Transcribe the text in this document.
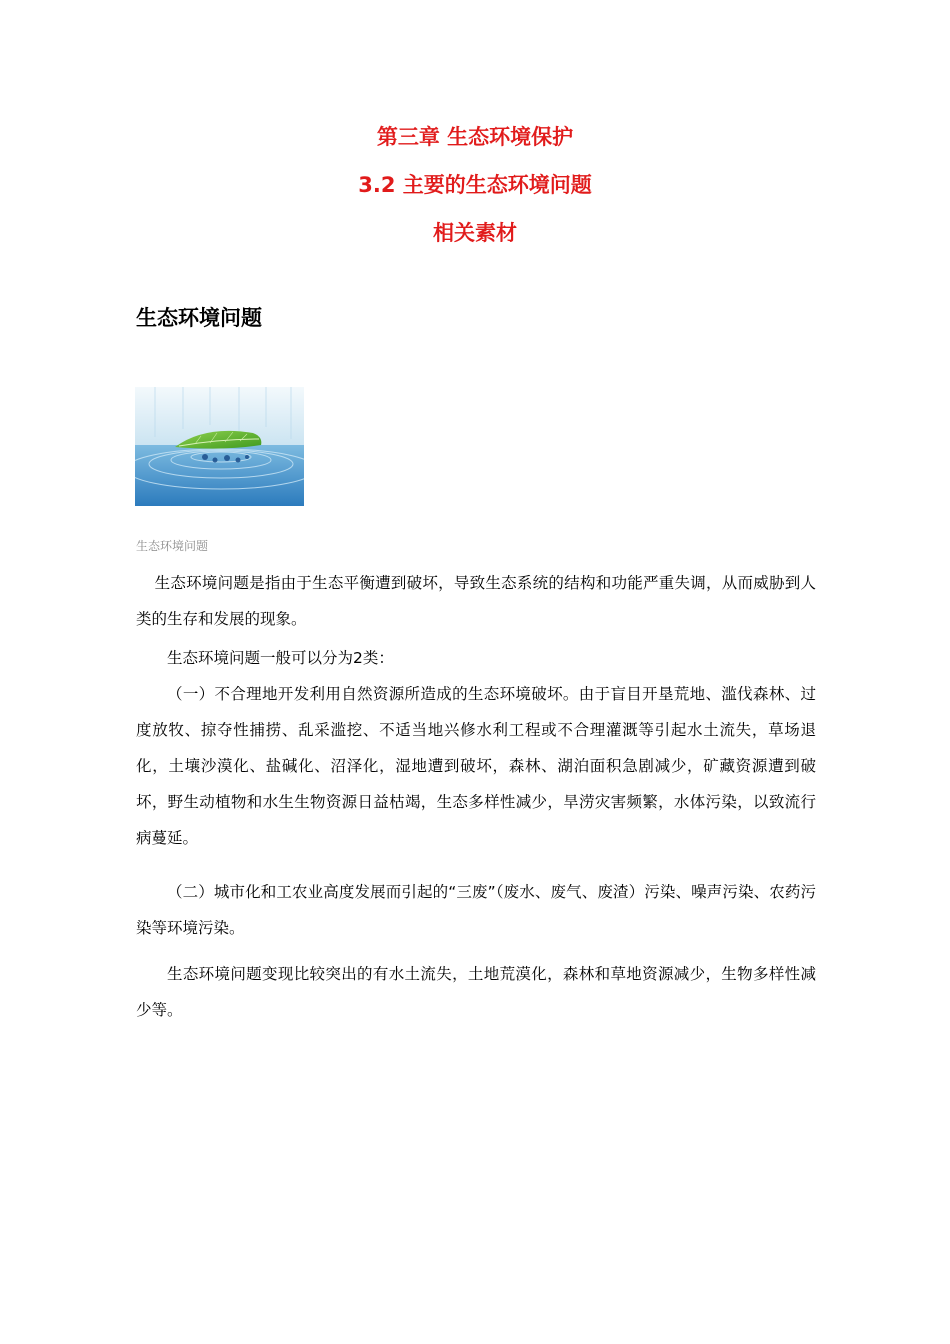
第三章 生态环境保护
3.2 主要的生态环境问题
相关素材
生态环境问题
生态环境问题

生态环境问题是指由于生态平衡遭到破坏，导致生态系统的结构和功能严重失调，从而威胁到人类的生存和发展的现象。

生态环境问题一般可以分为2类：

（一）不合理地开发利用自然资源所造成的生态环境破坏。由于盲目开垦荒地、滥伐森林、过度放牧、掠夺性捕捞、乱采滥挖、不适当地兴修水利工程或不合理灌溉等引起水土流失，草场退化，土壤沙漠化、盐碱化、沼泽化，湿地遭到破坏，森林、湖泊面积急剧减少，矿藏资源遭到破坏，野生动植物和水生生物资源日益枯竭，生态多样性减少，旱涝灾害频繁，水体污染，以致流行病蔓延。

（二）城市化和工农业高度发展而引起的“三废”（废水、废气、废渣）污染、噪声污染、农药污染等环境污染。

生态环境问题变现比较突出的有水土流失，土地荒漠化，森林和草地资源减少，生物多样性减少等。
